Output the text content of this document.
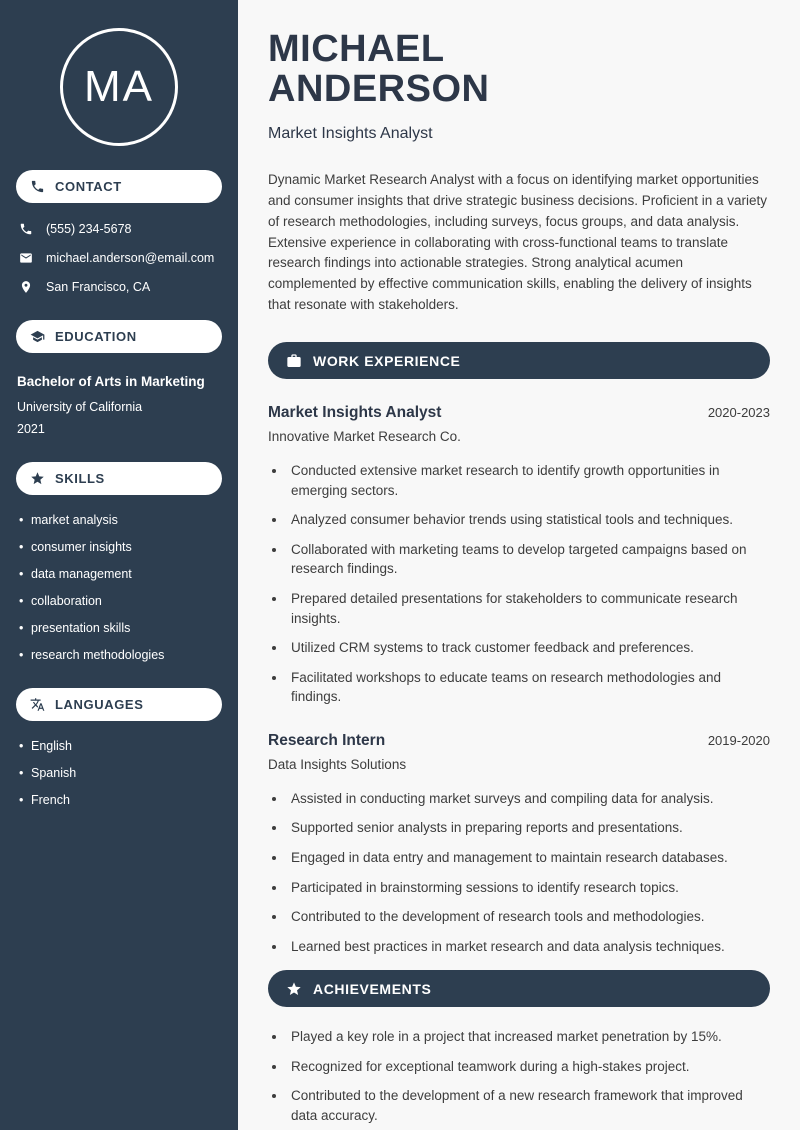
MA
CONTACT
(555) 234-5678
michael.anderson@email.com
San Francisco, CA
EDUCATION
Bachelor of Arts in Marketing
University of California
2021
SKILLS
• market analysis
• consumer insights
• data management
• collaboration
• presentation skills
• research methodologies
LANGUAGES
• English
• Spanish
• French
MICHAEL
ANDERSON
Market Insights Analyst

Dynamic Market Research Analyst with a focus on identifying market opportunities and consumer insights that drive strategic business decisions. Proficient in a variety of research methodologies, including surveys, focus groups, and data analysis. Extensive experience in collaborating with cross-functional teams to translate research findings into actionable strategies. Strong analytical acumen complemented by effective communication skills, enabling the delivery of insights that resonate with stakeholders.

WORK EXPERIENCE
Market Insights Analyst	2020-2023
Innovative Market Research Co.
• Conducted extensive market research to identify growth opportunities in emerging sectors.
• Analyzed consumer behavior trends using statistical tools and techniques.
• Collaborated with marketing teams to develop targeted campaigns based on research findings.
• Prepared detailed presentations for stakeholders to communicate research insights.
• Utilized CRM systems to track customer feedback and preferences.
• Facilitated workshops to educate teams on research methodologies and findings.
Research Intern	2019-2020
Data Insights Solutions
• Assisted in conducting market surveys and compiling data for analysis.
• Supported senior analysts in preparing reports and presentations.
• Engaged in data entry and management to maintain research databases.
• Participated in brainstorming sessions to identify research topics.
• Contributed to the development of research tools and methodologies.
• Learned best practices in market research and data analysis techniques.
ACHIEVEMENTS
• Played a key role in a project that increased market penetration by 15%.
• Recognized for exceptional teamwork during a high-stakes project.
• Contributed to the development of a new research framework that improved data accuracy.
